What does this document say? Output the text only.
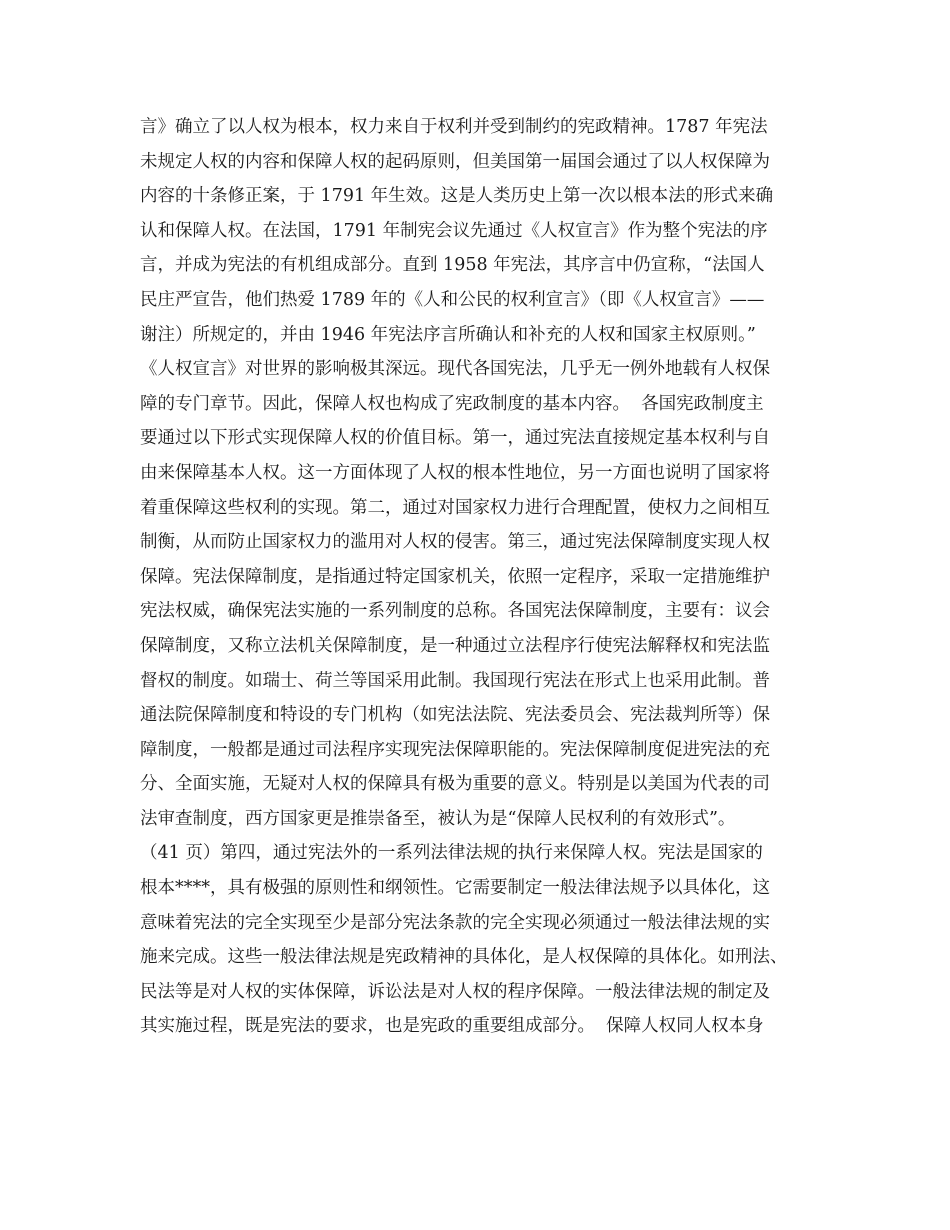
言》确立了以人权为根本，权力来自于权利并受到制约的宪政精神。1787 年宪法
未规定人权的内容和保障人权的起码原则，但美国第一届国会通过了以人权保障为
内容的十条修正案，于 1791 年生效。这是人类历史上第一次以根本法的形式来确
认和保障人权。在法国，1791 年制宪会议先通过《人权宣言》作为整个宪法的序
言，并成为宪法的有机组成部分。直到 1958 年宪法，其序言中仍宣称，“法国人
民庄严宣告，他们热爱 1789 年的《人和公民的权利宣言》（即《人权宣言》——
谢注）所规定的，并由 1946 年宪法序言所确认和补充的人权和国家主权原则。”
《人权宣言》对世界的影响极其深远。现代各国宪法，几乎无一例外地载有人权保
障的专门章节。因此，保障人权也构成了宪政制度的基本内容。  各国宪政制度主
要通过以下形式实现保障人权的价值目标。第一，通过宪法直接规定基本权利与自
由来保障基本人权。这一方面体现了人权的根本性地位，另一方面也说明了国家将
着重保障这些权利的实现。第二，通过对国家权力进行合理配置，使权力之间相互
制衡，从而防止国家权力的滥用对人权的侵害。第三，通过宪法保障制度实现人权
保障。宪法保障制度，是指通过特定国家机关，依照一定程序，采取一定措施维护
宪法权威，确保宪法实施的一系列制度的总称。各国宪法保障制度，主要有：议会
保障制度，又称立法机关保障制度，是一种通过立法程序行使宪法解释权和宪法监
督权的制度。如瑞士、荷兰等国采用此制。我国现行宪法在形式上也采用此制。普
通法院保障制度和特设的专门机构（如宪法法院、宪法委员会、宪法裁判所等）保
障制度，一般都是通过司法程序实现宪法保障职能的。宪法保障制度促进宪法的充
分、全面实施，无疑对人权的保障具有极为重要的意义。特别是以美国为代表的司
法审查制度，西方国家更是推崇备至，被认为是“保障人民权利的有效形式”。
（41 页）第四，通过宪法外的一系列法律法规的执行来保障人权。宪法是国家的
根本****，具有极强的原则性和纲领性。它需要制定一般法律法规予以具体化，这
意味着宪法的完全实现至少是部分宪法条款的完全实现必须通过一般法律法规的实
施来完成。这些一般法律法规是宪政精神的具体化，是人权保障的具体化。如刑法、
民法等是对人权的实体保障，诉讼法是对人权的程序保障。一般法律法规的制定及
其实施过程，既是宪法的要求，也是宪政的重要组成部分。  保障人权同人权本身
